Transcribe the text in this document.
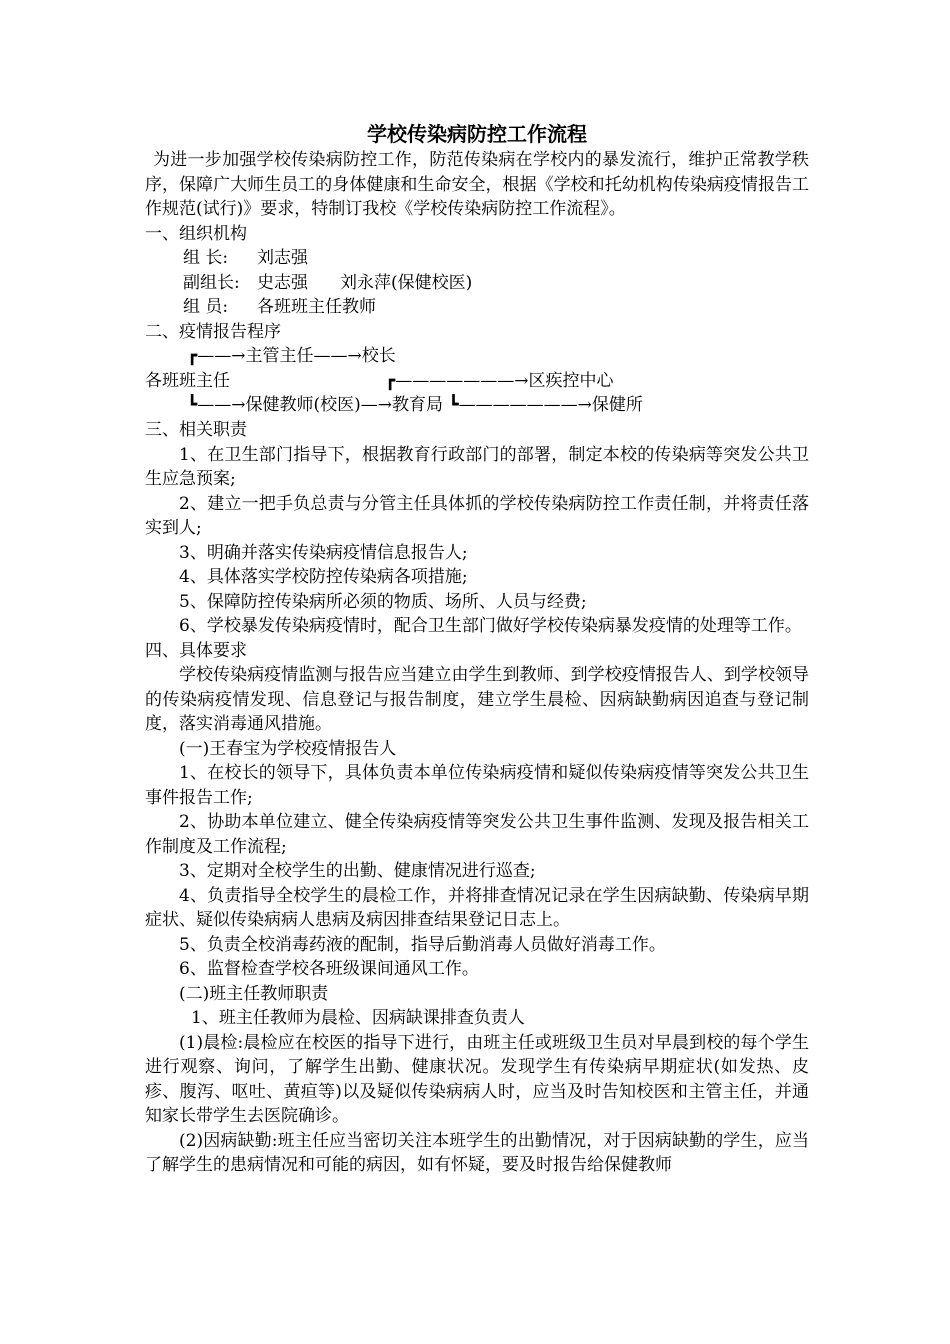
学校传染病防控工作流程

为进一步加强学校传染病防控工作，防范传染病在学校内的暴发流行，维护正常教学秩序，保障广大师生员工的身体健康和生命安全，根据《学校和托幼机构传染病疫情报告工作规范(试行)》要求，特制订我校《学校传染病防控工作流程》。

一、组织机构

组 长: 刘志强

副组长: 史志强 刘永萍(保健校医)

组 员: 各班班主任教师

二、疫情报告程序

┏——→主管主任——→校长
各班班主任	┏———————→区疾控中心
┗——→保健教师(校医)—→教育局 ┗———————→保健所

三、相关职责

1、在卫生部门指导下，根据教育行政部门的部署，制定本校的传染病等突发公共卫生应急预案;

2、建立一把手负总责与分管主任具体抓的学校传染病防控工作责任制，并将责任落实到人;

3、明确并落实传染病疫情信息报告人;

4、具体落实学校防控传染病各项措施;

5、保障防控传染病所必须的物质、场所、人员与经费;

6、学校暴发传染病疫情时，配合卫生部门做好学校传染病暴发疫情的处理等工作。

四、具体要求

学校传染病疫情监测与报告应当建立由学生到教师、到学校疫情报告人、到学校领导的传染病疫情发现、信息登记与报告制度，建立学生晨检、因病缺勤病因追查与登记制度，落实消毒通风措施。

(一)王春宝为学校疫情报告人

1、在校长的领导下，具体负责本单位传染病疫情和疑似传染病疫情等突发公共卫生事件报告工作;

2、协助本单位建立、健全传染病疫情等突发公共卫生事件监测、发现及报告相关工作制度及工作流程;

3、定期对全校学生的出勤、健康情况进行巡查;

4、负责指导全校学生的晨检工作，并将排查情况记录在学生因病缺勤、传染病早期症状、疑似传染病病人患病及病因排查结果登记日志上。

5、负责全校消毒药液的配制，指导后勤消毒人员做好消毒工作。

6、监督检查学校各班级课间通风工作。

(二)班主任教师职责

1、班主任教师为晨检、因病缺课排查负责人

(1)晨检:晨检应在校医的指导下进行，由班主任或班级卫生员对早晨到校的每个学生进行观察、询问，了解学生出勤、健康状况。发现学生有传染病早期症状(如发热、皮疹、腹泻、呕吐、黄疸等)以及疑似传染病病人时，应当及时告知校医和主管主任，并通知家长带学生去医院确诊。

(2)因病缺勤:班主任应当密切关注本班学生的出勤情况，对于因病缺勤的学生，应当了解学生的患病情况和可能的病因，如有怀疑，要及时报告给保健教师
